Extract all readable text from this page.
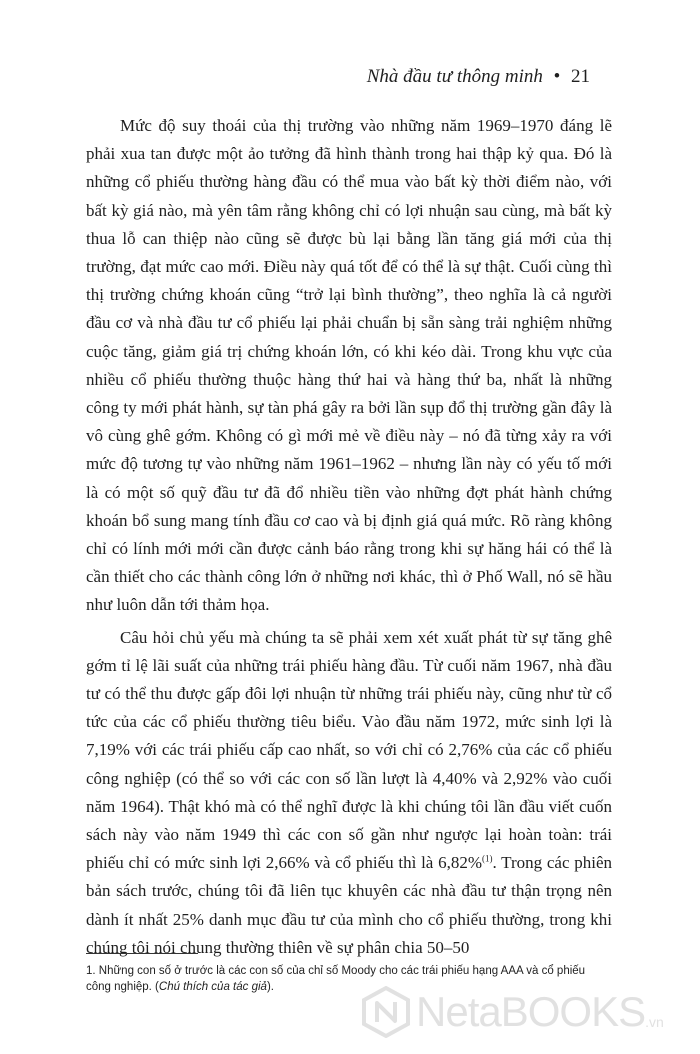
Nhà đầu tư thông minh • 21

Mức độ suy thoái của thị trường vào những năm 1969–1970 đáng lẽ phải xua tan được một ảo tưởng đã hình thành trong hai thập kỷ qua. Đó là những cổ phiếu thường hàng đầu có thể mua vào bất kỳ thời điểm nào, với bất kỳ giá nào, mà yên tâm rằng không chỉ có lợi nhuận sau cùng, mà bất kỳ thua lỗ can thiệp nào cũng sẽ được bù lại bằng lần tăng giá mới của thị trường, đạt mức cao mới. Điều này quá tốt để có thể là sự thật. Cuối cùng thì thị trường chứng khoán cũng “trở lại bình thường”, theo nghĩa là cả người đầu cơ và nhà đầu tư cổ phiếu lại phải chuẩn bị sẵn sàng trải nghiệm những cuộc tăng, giảm giá trị chứng khoán lớn, có khi kéo dài. Trong khu vực của nhiều cổ phiếu thường thuộc hàng thứ hai và hàng thứ ba, nhất là những công ty mới phát hành, sự tàn phá gây ra bởi lần sụp đổ thị trường gần đây là vô cùng ghê gớm. Không có gì mới mẻ về điều này – nó đã từng xảy ra với mức độ tương tự vào những năm 1961–1962 – nhưng lần này có yếu tố mới là có một số quỹ đầu tư đã đổ nhiều tiền vào những đợt phát hành chứng khoán bổ sung mang tính đầu cơ cao và bị định giá quá mức. Rõ ràng không chỉ có lính mới mới cần được cảnh báo rằng trong khi sự hăng hái có thể là cần thiết cho các thành công lớn ở những nơi khác, thì ở Phố Wall, nó sẽ hầu như luôn dẫn tới thảm họa.

Câu hỏi chủ yếu mà chúng ta sẽ phải xem xét xuất phát từ sự tăng ghê gớm tỉ lệ lãi suất của những trái phiếu hàng đầu. Từ cuối năm 1967, nhà đầu tư có thể thu được gấp đôi lợi nhuận từ những trái phiếu này, cũng như từ cổ tức của các cổ phiếu thường tiêu biểu. Vào đầu năm 1972, mức sinh lợi là 7,19% với các trái phiếu cấp cao nhất, so với chỉ có 2,76% của các cổ phiếu công nghiệp (có thể so với các con số lần lượt là 4,40% và 2,92% vào cuối năm 1964). Thật khó mà có thể nghĩ được là khi chúng tôi lần đầu viết cuốn sách này vào năm 1949 thì các con số gần như ngược lại hoàn toàn: trái phiếu chỉ có mức sinh lợi 2,66% và cổ phiếu thì là 6,82%$^{(1)}$. Trong các phiên bản sách trước, chúng tôi đã liên tục khuyên các nhà đầu tư thận trọng nên dành ít nhất 25% danh mục đầu tư của mình cho cổ phiếu thường, trong khi chúng tôi nói chung thường thiên về sự phân chia 50–50

1. Những con số ở trước là các con số của chỉ số Moody cho các trái phiếu hạng AAA và cổ phiếu công nghiệp. (Chú thích của tác giả).
NetaBOOKS .vn
